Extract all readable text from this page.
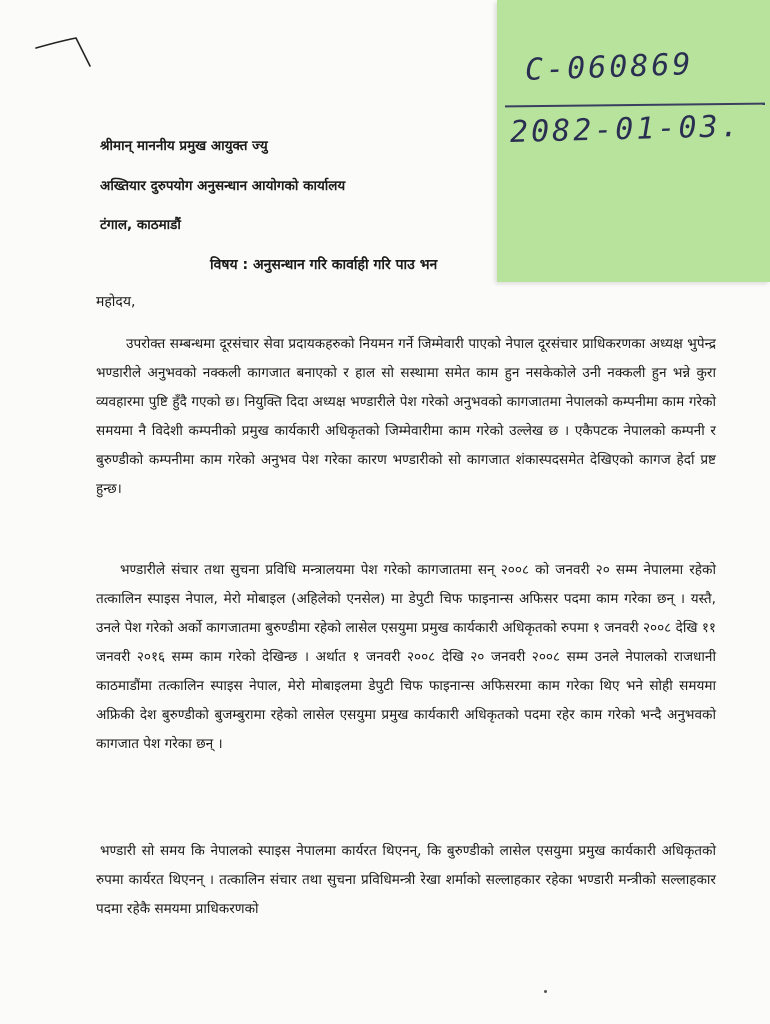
C-060869
2082-01-03.
श्रीमान् माननीय प्रमुख आयुक्त ज्यु
अख्तियार दुरुपयोग अनुसन्धान आयोगको कार्यालय
टंगाल, काठमाडौं
विषय : अनुसन्धान गरि कार्वाही गरि पाउ भन
महोदय,

उपरोक्त सम्बन्धमा दूरसंचार सेवा प्रदायकहरुको नियमन गर्ने जिम्मेवारी पाएको नेपाल दूरसंचार प्राधिकरणका अध्यक्ष भुपेन्द्र भण्डारीले अनुभवको नक्कली कागजात बनाएको र हाल सो सस्थामा समेत काम हुन नसकेकोले उनी नक्कली हुन भन्ने कुरा व्यवहारमा पुष्टि हुँदै गएको छ। नियुक्ति दिदा अध्यक्ष भण्डारीले पेश गरेको अनुभवको कागजातमा नेपालको कम्पनीमा काम गरेको समयमा नै विदेशी कम्पनीको प्रमुख कार्यकारी अधिकृतको जिम्मेवारीमा काम गरेको उल्लेख छ । एकैपटक नेपालको कम्पनी र बुरुण्डीको कम्पनीमा काम गरेको अनुभव पेश गरेका कारण भण्डारीको सो कागजात शंकास्पदसमेत देखिएको कागज हेर्दा प्रष्ट हुन्छ।

भण्डारीले संचार तथा सुचना प्रविधि मन्त्रालयमा पेश गरेको कागजातमा सन् २००८ को जनवरी २० सम्म नेपालमा रहेको तत्कालिन स्पाइस नेपाल, मेरो मोबाइल (अहिलेको एनसेल) मा डेपुटी चिफ फाइनान्स अफिसर पदमा काम गरेका छन् । यस्तै, उनले पेश गरेको अर्को कागजातमा बुरुण्डीमा रहेको लासेल एसयुमा प्रमुख कार्यकारी अधिकृतको रुपमा १ जनवरी २००८ देखि ११ जनवरी २०१६ सम्म काम गरेको देखिन्छ । अर्थात १ जनवरी २००८ देखि २० जनवरी २००८ सम्म उनले नेपालको राजधानी काठमाडौंमा तत्कालिन स्पाइस नेपाल, मेरो मोबाइलमा डेपुटी चिफ फाइनान्स अफिसरमा काम गरेका थिए भने सोही समयमा अफ्रिकी देश बुरुण्डीको बुजम्बुरामा रहेको लासेल एसयुमा प्रमुख कार्यकारी अधिकृतको पदमा रहेर काम गरेको भन्दै अनुभवको कागजात पेश गरेका छन् ।

भण्डारी सो समय कि नेपालको स्पाइस नेपालमा कार्यरत थिएनन्, कि बुरुण्डीको लासेल एसयुमा प्रमुख कार्यकारी अधिकृतको रुपमा कार्यरत थिएनन् । तत्कालिन संचार तथा सुचना प्रविधिमन्त्री रेखा शर्माको सल्लाहकार रहेका भण्डारी मन्त्रीको सल्लाहकार पदमा रहेकै समयमा प्राधिकरणको
